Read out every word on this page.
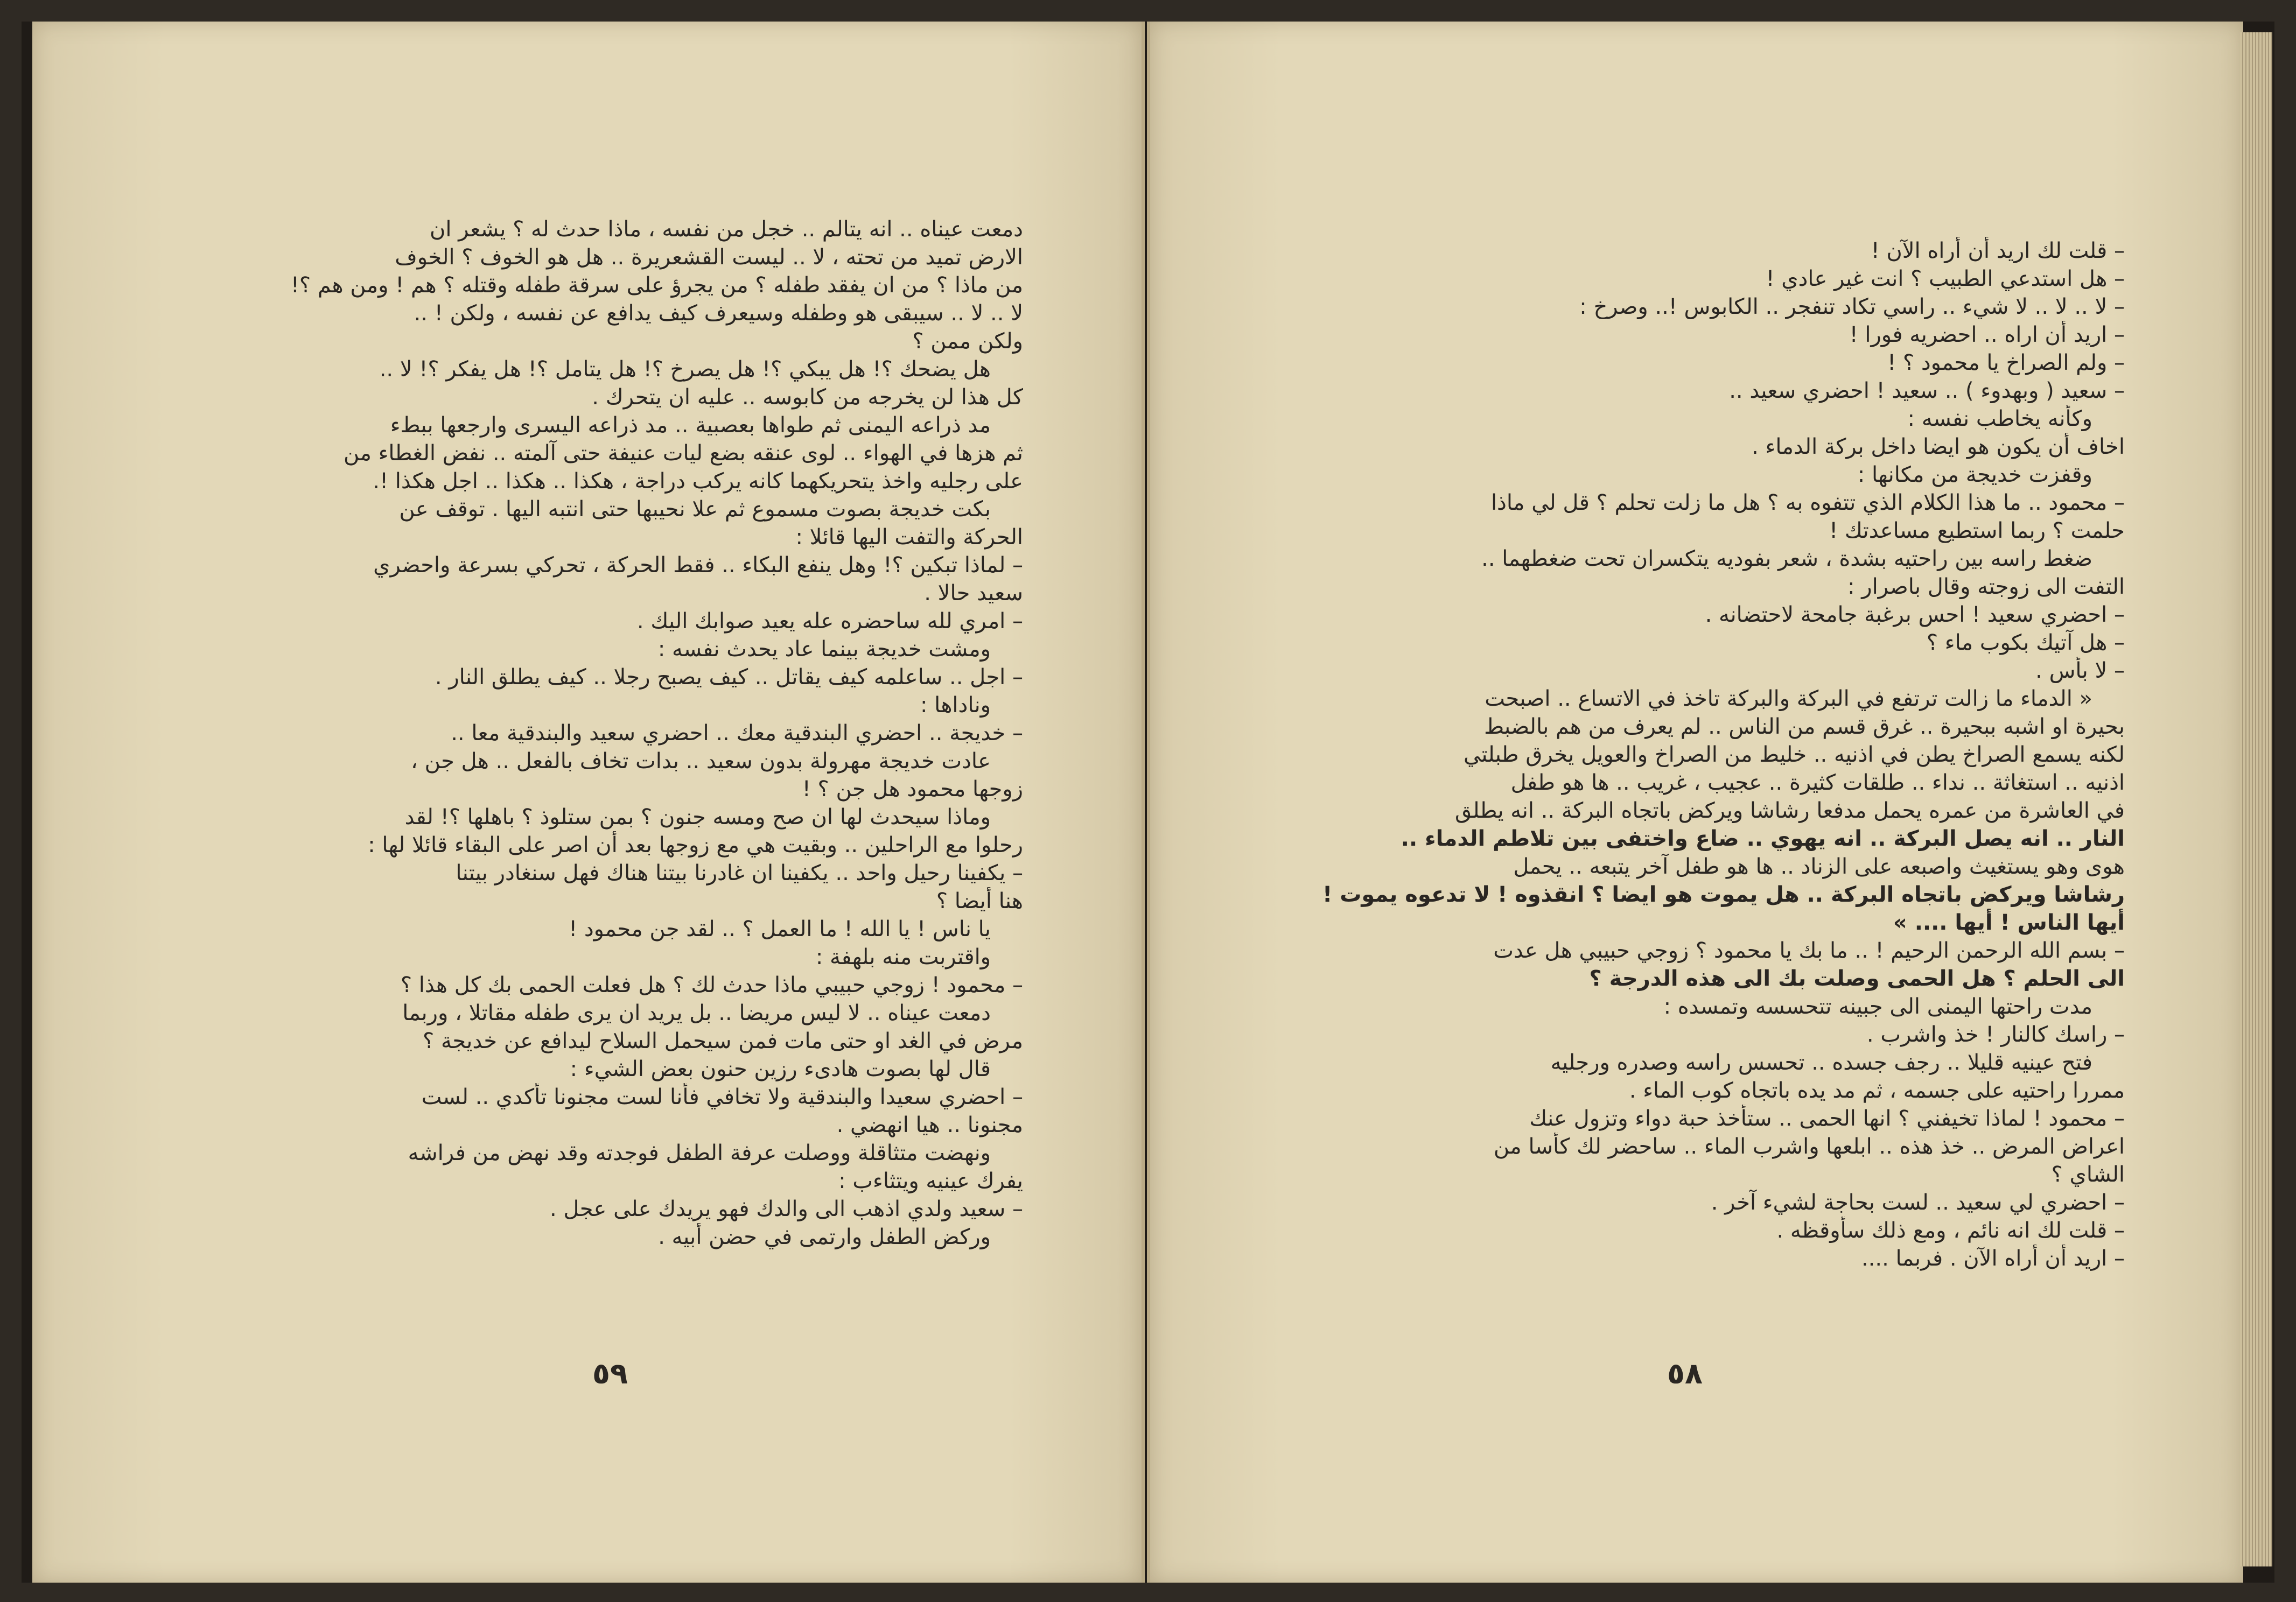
دمعت عيناه .. انه يتالم .. خجل من نفسه ، ماذا حدث له ؟ يشعر ان
الارض تميد من تحته ، لا .. ليست القشعريرة .. هل هو الخوف ؟ الخوف
من ماذا ؟ من ان يفقد طفله ؟ من يجرؤ على سرقة طفله وقتله ؟ هم ! ومن هم ؟!
لا .. لا .. سيبقى هو وطفله وسيعرف كيف يدافع عن نفسه ، ولكن ! ..
ولكن ممن ؟
هل يضحك ؟! هل يبكي ؟! هل يصرخ ؟! هل يتامل ؟! هل يفكر ؟! لا ..
كل هذا لن يخرجه من كابوسه .. عليه ان يتحرك .
مد ذراعه اليمنى ثم طواها بعصبية .. مد ذراعه اليسرى وارجعها ببطء
ثم هزها في الهواء .. لوى عنقه بضع ليات عنيفة حتى آلمته .. نفض الغطاء من
على رجليه واخذ يتحريكهما كانه يركب دراجة ، هكذا .. هكذا .. اجل هكذا !.
بكت خديجة بصوت مسموع ثم علا نحيبها حتى انتبه اليها . توقف عن
الحركة والتفت اليها قائلا :
– لماذا تبكين ؟! وهل ينفع البكاء .. فقط الحركة ، تحركي بسرعة واحضري
سعيد حالا .
– امري لله ساحضره عله يعيد صوابك اليك .
ومشت خديجة بينما عاد يحدث نفسه :
– اجل .. ساعلمه كيف يقاتل .. كيف يصبح رجلا .. كيف يطلق النار .
وناداها :
– خديجة .. احضري البندقية معك .. احضري سعيد والبندقية معا ..
عادت خديجة مهرولة بدون سعيد .. بدات تخاف بالفعل .. هل جن ،
زوجها محمود هل جن ؟ !
وماذا سيحدث لها ان صح ومسه جنون ؟ بمن ستلوذ ؟ باهلها ؟! لقد
رحلوا مع الراحلين .. وبقيت هي مع زوجها بعد أن اصر على البقاء قائلا لها :
– يكفينا رحيل واحد .. يكفينا ان غادرنا بيتنا هناك فهل سنغادر بيتنا
هنا أيضا ؟
يا ناس ! يا الله ! ما العمل ؟ .. لقد جن محمود !
واقتربت منه بلهفة :
– محمود ! زوجي حبيبي ماذا حدث لك ؟ هل فعلت الحمى بك كل هذا ؟
دمعت عيناه .. لا ليس مريضا .. بل يريد ان يرى طفله مقاتلا ، وربما
مرض في الغد او حتى مات فمن سيحمل السلاح ليدافع عن خديجة ؟
قال لها بصوت هادىء رزين حنون بعض الشيء :
– احضري سعيدا والبندقية ولا تخافي فأنا لست مجنونا تأكدي .. لست
مجنونا .. هيا انهضي .
ونهضت متثاقلة ووصلت عرفة الطفل فوجدته وقد نهض من فراشه
يفرك عينيه ويتثاءب :
– سعيد ولدي اذهب الى والدك فهو يريدك على عجل .
وركض الطفل وارتمى في حضن أبيه .
٥٩
– قلت لك اريد أن أراه الآن !
– هل استدعي الطبيب ؟ انت غير عادي !
– لا .. لا .. لا شيء .. راسي تكاد تنفجر .. الكابوس !.. وصرخ :
– اريد أن اراه .. احضريه فورا !
– ولم الصراخ يا محمود ؟ !
– سعيد ( وبهدوء ) .. سعيد ! احضري سعيد ..
وكأنه يخاطب نفسه :
اخاف أن يكون هو ايضا داخل بركة الدماء .
وقفزت خديجة من مكانها :
– محمود .. ما هذا الكلام الذي تتفوه به ؟ هل ما زلت تحلم ؟ قل لي ماذا
حلمت ؟ ربما استطيع مساعدتك !
ضغط راسه بين راحتيه بشدة ، شعر بفوديه يتكسران تحت ضغطهما ..
التفت الى زوجته وقال باصرار :
– احضري سعيد ! احس برغبة جامحة لاحتضانه .
– هل آتيك بكوب ماء ؟
– لا بأس .
« الدماء ما زالت ترتفع في البركة والبركة تاخذ في الاتساع .. اصبحت
بحيرة او اشبه ببحيرة .. غرق قسم من الناس .. لم يعرف من هم بالضبط
لكنه يسمع الصراخ يطن في اذنيه .. خليط من الصراخ والعويل يخرق طبلتي
اذنيه .. استغاثة .. نداء .. طلقات كثيرة .. عجيب ، غريب .. ها هو طفل
في العاشرة من عمره يحمل مدفعا رشاشا ويركض باتجاه البركة .. انه يطلق
النار .. انه يصل البركة .. انه يهوي .. ضاع واختفى بين تلاطم الدماء ..
هوى وهو يستغيث واصبعه على الزناد .. ها هو طفل آخر يتبعه .. يحمل
رشاشا ويركض باتجاه البركة .. هل يموت هو ايضا ؟ انقذوه ! لا تدعوه يموت !
أيها الناس ! أيها .... »
– بسم الله الرحمن الرحيم ! .. ما بك يا محمود ؟ زوجي حبيبي هل عدت
الى الحلم ؟ هل الحمى وصلت بك الى هذه الدرجة ؟
مدت راحتها اليمنى الى جبينه تتحسسه وتمسده :
– راسك كالنار ! خذ واشرب .
فتح عينيه قليلا .. رجف جسده .. تحسس راسه وصدره ورجليه
ممررا راحتيه على جسمه ، ثم مد يده باتجاه كوب الماء .
– محمود ! لماذا تخيفني ؟ انها الحمى .. ستأخذ حبة دواء وتزول عنك
اعراض المرض .. خذ هذه .. ابلعها واشرب الماء .. ساحضر لك كأسا من
الشاي ؟
– احضري لي سعيد .. لست بحاجة لشيء آخر .
– قلت لك انه نائم ، ومع ذلك سأوقظه .
– اريد أن أراه الآن . فربما ....
٥٨
